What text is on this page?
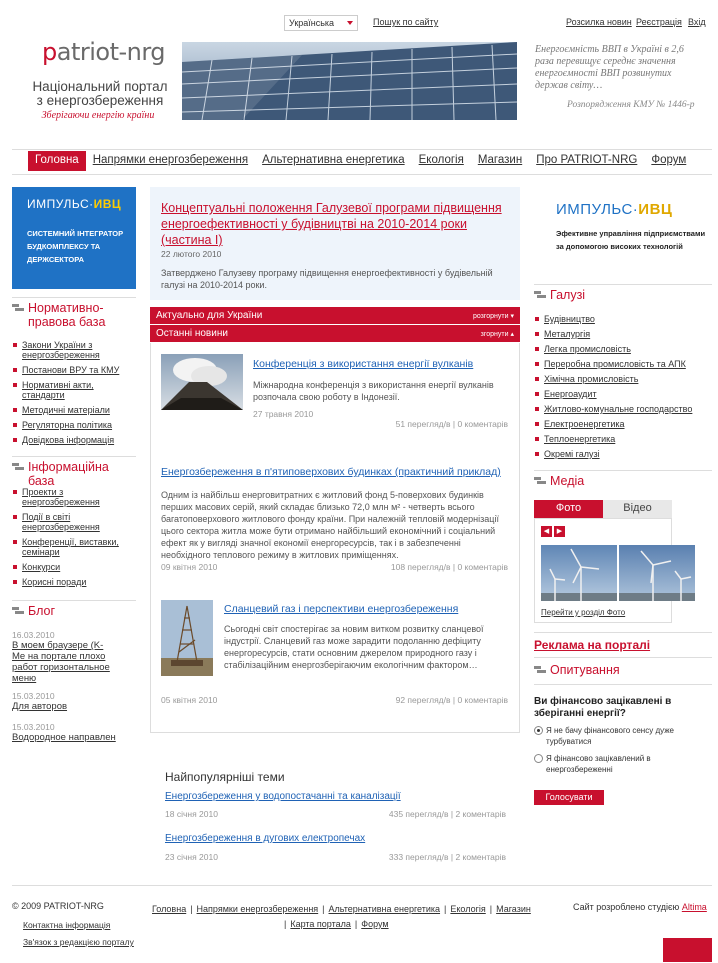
Українська	Пошук по сайту	Розсилка новин Реєстрація Вхід
patriot-nrg
Національний портал з енергозбереження
Зберігаючи енергію країни
Енергоємність ВВП в Україні в 2,6 раза перевищує середнє значення енергоємності ВВП розвинутих держав світу…
Розпорядження КМУ № 1446-р
Головна	Напрямки енергозбереження	Альтернативна енергетика	Екологія	Магазин	Про PATRIOT-NRG	Форум
ИМПУЛЬС·ИВЦ
СИСТЕМНИЙ ІНТЕГРАТОР БУДКОМПЛЕКСУ ТА ДЕРЖСЕКТОРА
Нормативно-правова база
Закони України з енергозбереження
Постанови ВРУ та КМУ
Нормативні акти, стандарти
Методичні матеріали
Регуляторна політика
Довідкова інформація
Інформаційна база
Проекти з енергозбереження
Події в світі енергозбереження
Конференції, виставки, семінари
Конкурси
Корисні поради
Блог
16.03.2010
В моем браузере (K-Me на портале плохо работ горизонтальное меню
15.03.2010
Для авторов
15.03.2010
Водородное направлен
Концептуальні положення Галузевої програми підвищення енергоефективності у будівництві на 2010-2014 роки (частина І)
22 лютого 2010
Затверджено Галузеву програму підвищення енергоефективності у будівельній галузі на 2010-2014 роки.
Актуально для України	розгорнути ▾
Останні новини	згорнути ▴
Конференція з використання енергії вулканів
Міжнародна конференція з використання енергії вулканів розпочала свою роботу в Індонезії.
27 травня 2010
51 перегляд/в | 0 коментарів
Енергозбереження в п'ятиповерхових будинках (практичний приклад)
Одним із найбільш енерговитратних є житловий фонд 5-поверхових будинків перших масових серій, який складає близько 72,0 млн м² - четверть всього багатоповерхового житлового фонду країни. При належній тепловій модернізації цього сектора житла може бути отримано найбільший економічний і соціальний ефект як у вигляді значної економії енергоресурсів, так і в забезпеченні необхідного теплового режиму в житлових приміщеннях.
09 квітня 2010	108 перегляд/в | 0 коментарів
Сланцевий газ і перспективи енергозбереження
Сьогодні світ спостерігає за новим витком розвитку сланцевої індустрії. Сланцевий газ може зарадити подоланню дефіциту енергоресурсів, стати основним джерелом природного газу і стабілізаційним енергозберігаючим екологічним фактором…
05 квітня 2010	92 перегляд/в | 0 коментарів
Найпопулярніші теми
Енергозбереження у водопостачанні та каналізації
18 січня 2010	435 перегляд/в | 2 коментарів
Енергозбереження в дугових електропечах
23 січня 2010	333 перегляд/в | 2 коментарів
ИМПУЛЬС·ИВЦ
Эфективне управління підприємствами за допомогою високих технологій
Галузі
Будівництво
Металургія
Легка промисловість
Переробна промисловість та АПК
Хімічна промисловість
Енергоаудит
Житлово-комунальне господарство
Електроенергетика
Теплоенергетика
Окремі галузі
Медіа
Фото	Відео
◀	▶
Перейти у розділ Фото
Реклама на порталі
Опитування
Ви фінансово зацікавлені в зберіганні енергії?
Я не бачу фінансового сенсу дуже турбуватися
Я фінансово зацікавлений в енергозбереженні
Голосувати
© 2009 PATRIOT-NRG
Контактна інформація
Зв'язок з редакцією порталу
Головна | Напрямки енергозбереження | Альтернативна енергетика | Екологія | Магазин
| Карта портала | Форум
Сайт розроблено студією Altima
